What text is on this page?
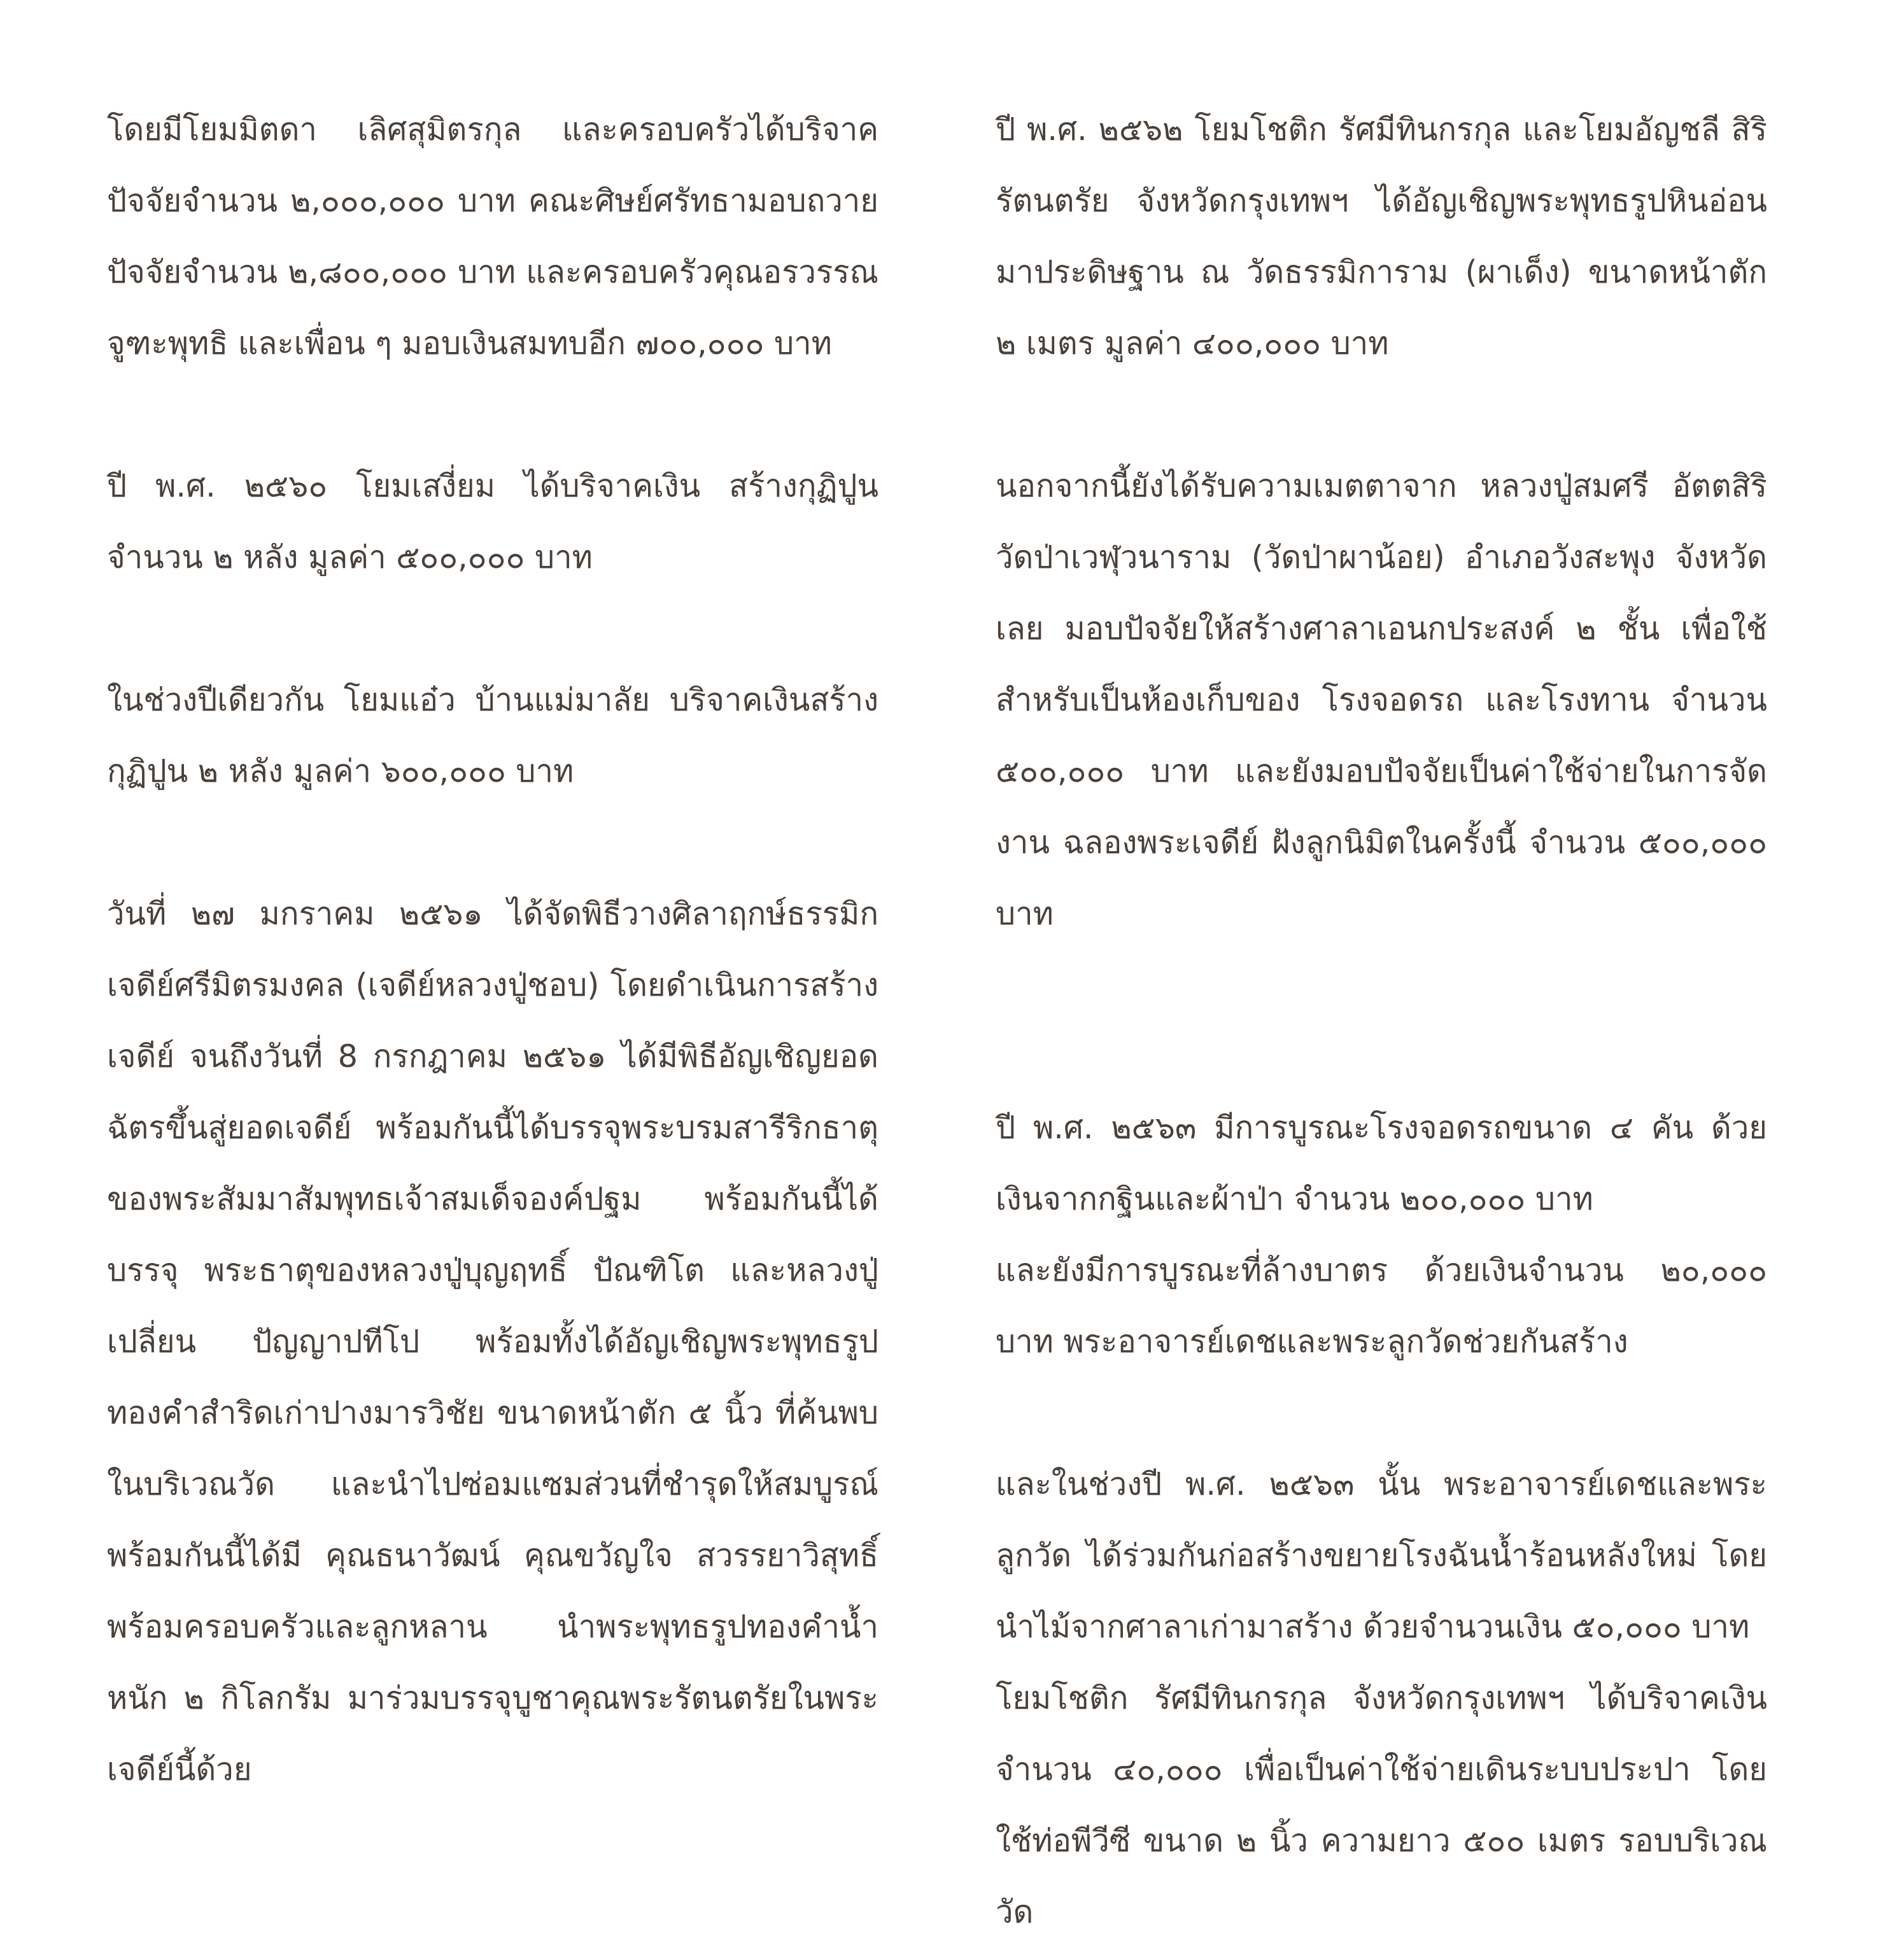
โดยมีโยมมิตดา เลิศสุมิตรกุล และครอบครัวได้บริจาคปัจจัยจำนวน ๒,๐๐๐,๐๐๐ บาท คณะศิษย์ศรัทธามอบถวายปัจจัยจำนวน ๒,๘๐๐,๐๐๐ บาท และครอบครัวคุณอรวรรณ จูฑะพุทธิ และเพื่อน ๆ มอบเงินสมทบอีก ๗๐๐,๐๐๐ บาท

ปี พ.ศ. ๒๕๖๐ โยมเสงี่ยม ได้บริจาคเงิน สร้างกุฏิปูนจำนวน ๒ หลัง มูลค่า ๕๐๐,๐๐๐ บาท

ในช่วงปีเดียวกัน โยมแอ๋ว บ้านแม่มาลัย บริจาคเงินสร้างกุฏิปูน ๒ หลัง มูลค่า ๖๐๐,๐๐๐ บาท

วันที่ ๒๗ มกราคม ๒๕๖๑ ได้จัดพิธีวางศิลาฤกษ์ธรรมิกเจดีย์ศรีมิตรมงคล (เจดีย์หลวงปู่ชอบ) โดยดำเนินการสร้างเจดีย์ จนถึงวันที่ 8 กรกฎาคม ๒๕๖๑ ได้มีพิธีอัญเชิญยอดฉัตรขึ้นสู่ยอดเจดีย์ พร้อมกันนี้ได้บรรจุพระบรมสารีริกธาตุของพระสัมมาสัมพุทธเจ้าสมเด็จองค์ปฐม พร้อมกันนี้ได้บรรจุ พระธาตุของหลวงปู่บุญฤทธิ์ ปัณฑิโต และหลวงปู่เปลี่ยน ปัญญาปทีโป พร้อมทั้งได้อัญเชิญพระพุทธรูปทองคำสำริดเก่าปางมารวิชัย ขนาดหน้าตัก ๕ นิ้ว ที่ค้นพบในบริเวณวัด และนำไปซ่อมแซมส่วนที่ชำรุดให้สมบูรณ์ พร้อมกันนี้ได้มี คุณธนาวัฒน์ คุณขวัญใจ สวรรยาวิสุทธิ์ พร้อมครอบครัวและลูกหลาน นำพระพุทธรูปทองคำน้ำหนัก ๒ กิโลกรัม มาร่วมบรรจุบูชาคุณพระรัตนตรัยในพระเจดีย์นี้ด้วย

ปี พ.ศ. ๒๕๖๒ โยมโชติก รัศมีทินกรกุล และโยมอัญชลี สิริรัตนตรัย จังหวัดกรุงเทพฯ ได้อัญเชิญพระพุทธรูปหินอ่อนมาประดิษฐาน ณ วัดธรรมิการาม (ผาเด็ง) ขนาดหน้าตัก ๒ เมตร มูลค่า ๔๐๐,๐๐๐ บาท

นอกจากนี้ยังได้รับความเมตตาจาก หลวงปู่สมศรี อัตตสิริ วัดป่าเวฬุวนาราม (วัดป่าผาน้อย) อำเภอวังสะพุง จังหวัดเลย มอบปัจจัยให้สร้างศาลาเอนกประสงค์ ๒ ชั้น เพื่อใช้สำหรับเป็นห้องเก็บของ โรงจอดรถ และโรงทาน จำนวน ๕๐๐,๐๐๐ บาท และยังมอบปัจจัยเป็นค่าใช้จ่ายในการจัดงาน ฉลองพระเจดีย์ ฝังลูกนิมิตในครั้งนี้ จำนวน ๕๐๐,๐๐๐ บาท

ปี พ.ศ. ๒๕๖๓ มีการบูรณะโรงจอดรถขนาด ๔ คัน ด้วยเงินจากกฐินและผ้าป่า จำนวน ๒๐๐,๐๐๐ บาท
และยังมีการบูรณะที่ล้างบาตร ด้วยเงินจำนวน ๒๐,๐๐๐ บาท พระอาจารย์เดชและพระลูกวัดช่วยกันสร้าง

และในช่วงปี พ.ศ. ๒๕๖๓ นั้น พระอาจารย์เดชและพระลูกวัด ได้ร่วมกันก่อสร้างขยายโรงฉันน้ำร้อนหลังใหม่ โดยนำไม้จากศาลาเก่ามาสร้าง ด้วยจำนวนเงิน ๕๐,๐๐๐ บาท
โยมโชติก รัศมีทินกรกุล จังหวัดกรุงเทพฯ ได้บริจาคเงินจำนวน ๔๐,๐๐๐ เพื่อเป็นค่าใช้จ่ายเดินระบบประปา โดยใช้ท่อพีวีซี ขนาด ๒ นิ้ว ความยาว ๕๐๐ เมตร รอบบริเวณวัด
